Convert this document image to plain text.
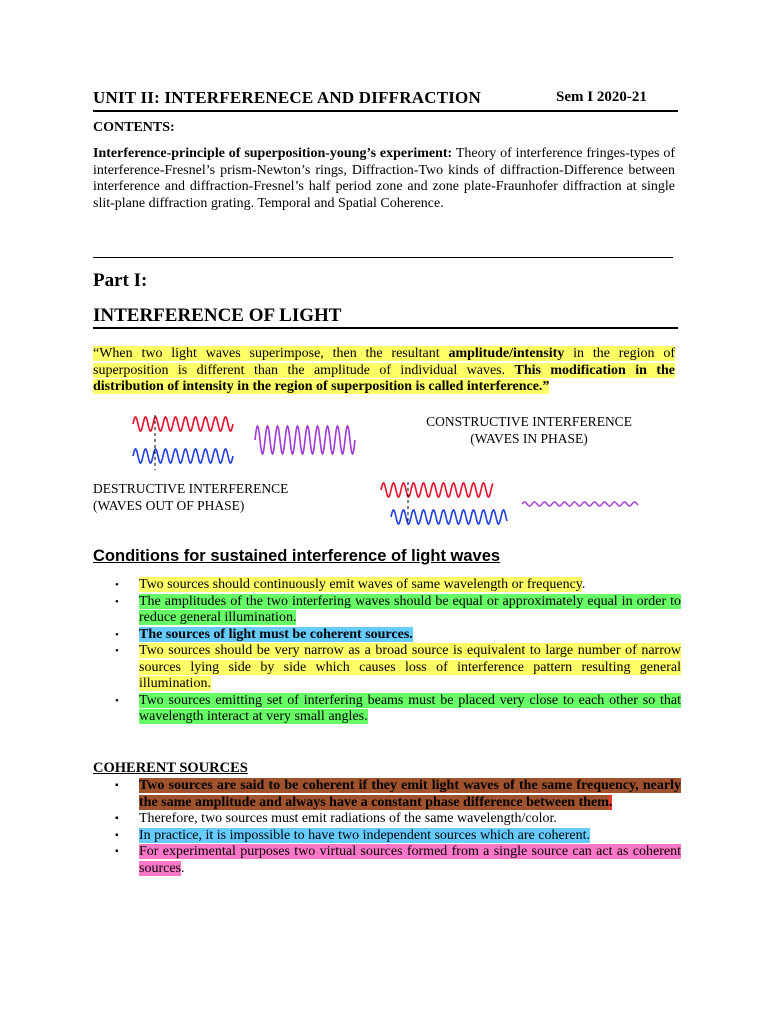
UNIT II: INTERFERENECE AND DIFFRACTION	Sem I 2020-21
CONTENTS:
Interference-principle of superposition-young’s experiment: Theory of interference fringes-types of interference-Fresnel’s prism-Newton’s rings, Diffraction-Two kinds of diffraction-Difference between interference and diffraction-Fresnel’s half period zone and zone plate-Fraunhofer diffraction at single slit-plane diffraction grating. Temporal and Spatial Coherence.
Part I:
INTERFERENCE OF LIGHT
“When two light waves superimpose, then the resultant amplitude/intensity in the region of superposition is different than the amplitude of individual waves. This modification in the distribution of intensity in the region of superposition is called interference.”
CONSTRUCTIVE INTERFERENCE
(WAVES IN PHASE)
DESTRUCTIVE INTERFERENCE
(WAVES OUT OF PHASE)
Conditions for sustained interference of light waves
• Two sources should continuously emit waves of same wavelength or frequency.
• The amplitudes of the two interfering waves should be equal or approximately equal in order to reduce general illumination.
• The sources of light must be coherent sources.
• Two sources should be very narrow as a broad source is equivalent to large number of narrow sources lying side by side which causes loss of interference pattern resulting general illumination.
• Two sources emitting set of interfering beams must be placed very close to each other so that wavelength interact at very small angles.
COHERENT SOURCES
▪ Two sources are said to be coherent if they emit light waves of the same frequency, nearly the same amplitude and always have a constant phase difference between them.
▪ Therefore, two sources must emit radiations of the same wavelength/color.
▪ In practice, it is impossible to have two independent sources which are coherent.
▪ For experimental purposes two virtual sources formed from a single source can act as coherent sources.
